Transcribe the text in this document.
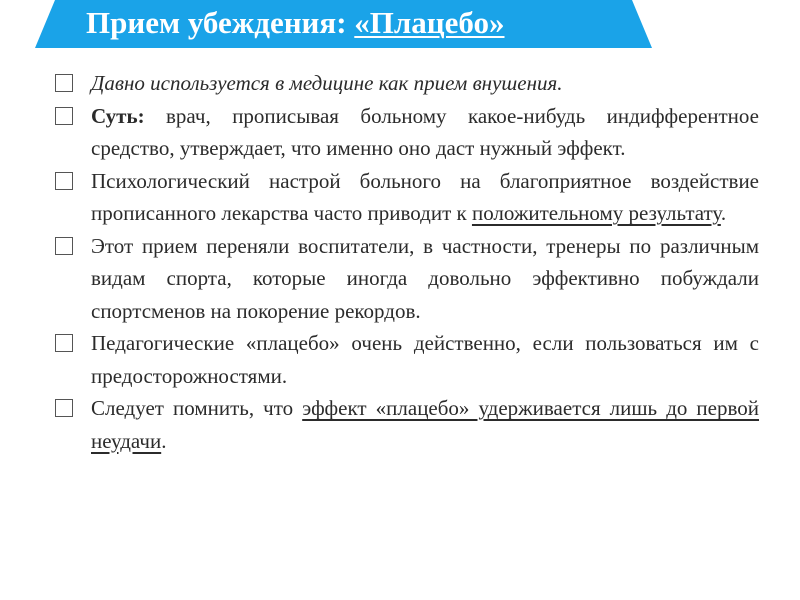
Прием убеждения: «Плацебо»
Давно используется в медицине как прием внушения.
Суть: врач, прописывая больному какое-нибудь индифферентное средство, утверждает, что именно оно даст нужный эффект.
Психологический настрой больного на благоприятное воздействие прописанного лекарства часто приводит к положительному результату.
Этот прием переняли воспитатели, в частности, тренеры по различным видам спорта, которые иногда довольно эффективно побуждали спортсменов на покорение рекордов.
Педагогические «плацебо» очень действенно, если пользоваться им с предосторожностями.
Следует помнить, что эффект «плацебо» удерживается лишь до первой неудачи.
